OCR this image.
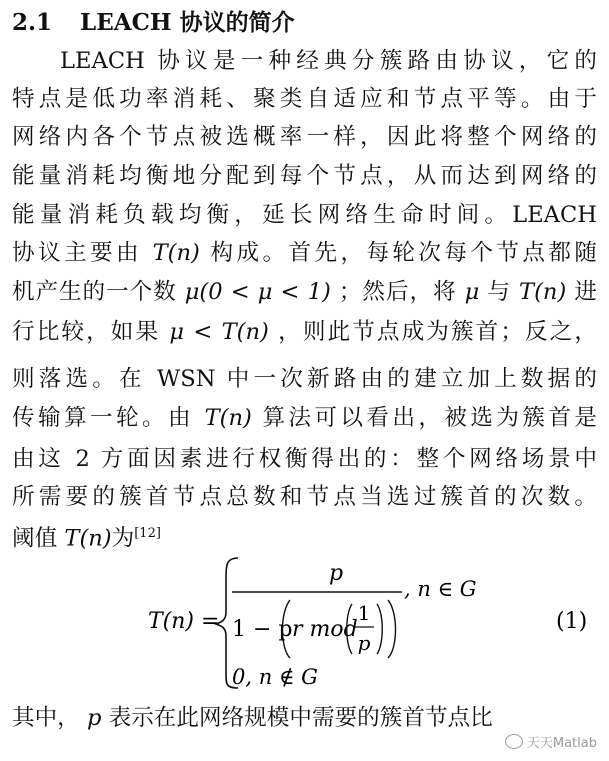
2.1 LEACH 协议的简介
LEACH 协议是一种经典分簇路由协议，它的
特点是低功率消耗、聚类自适应和节点平等。由于
网络内各个节点被选概率一样，因此将整个网络的
能量消耗均衡地分配到每个节点，从而达到网络的
能量消耗负载均衡，延长网络生命时间。LEACH
协议主要由 T(n) 构成。首先，每轮次每个节点都随
机产生的一个数 μ(0 < μ < 1) ；然后，将 μ 与 T(n) 进
行比较，如果 μ < T(n) ，则此节点成为簇首；反之，
则落选。在 WSN 中一次新路由的建立加上数据的
传输算一轮。由 T(n) 算法可以看出，被选为簇首是
由这 2 方面因素进行权衡得出的：整个网络场景中
所需要的簇首节点总数和节点当选过簇首的次数。
阈值 T(n)为[12]
T(n) =
p
1 − p r mod
1
p
, n ∈ G
0, n ∉ G
(1)
其中， p 表示在此网络规模中需要的簇首节点比
天天Matlab
